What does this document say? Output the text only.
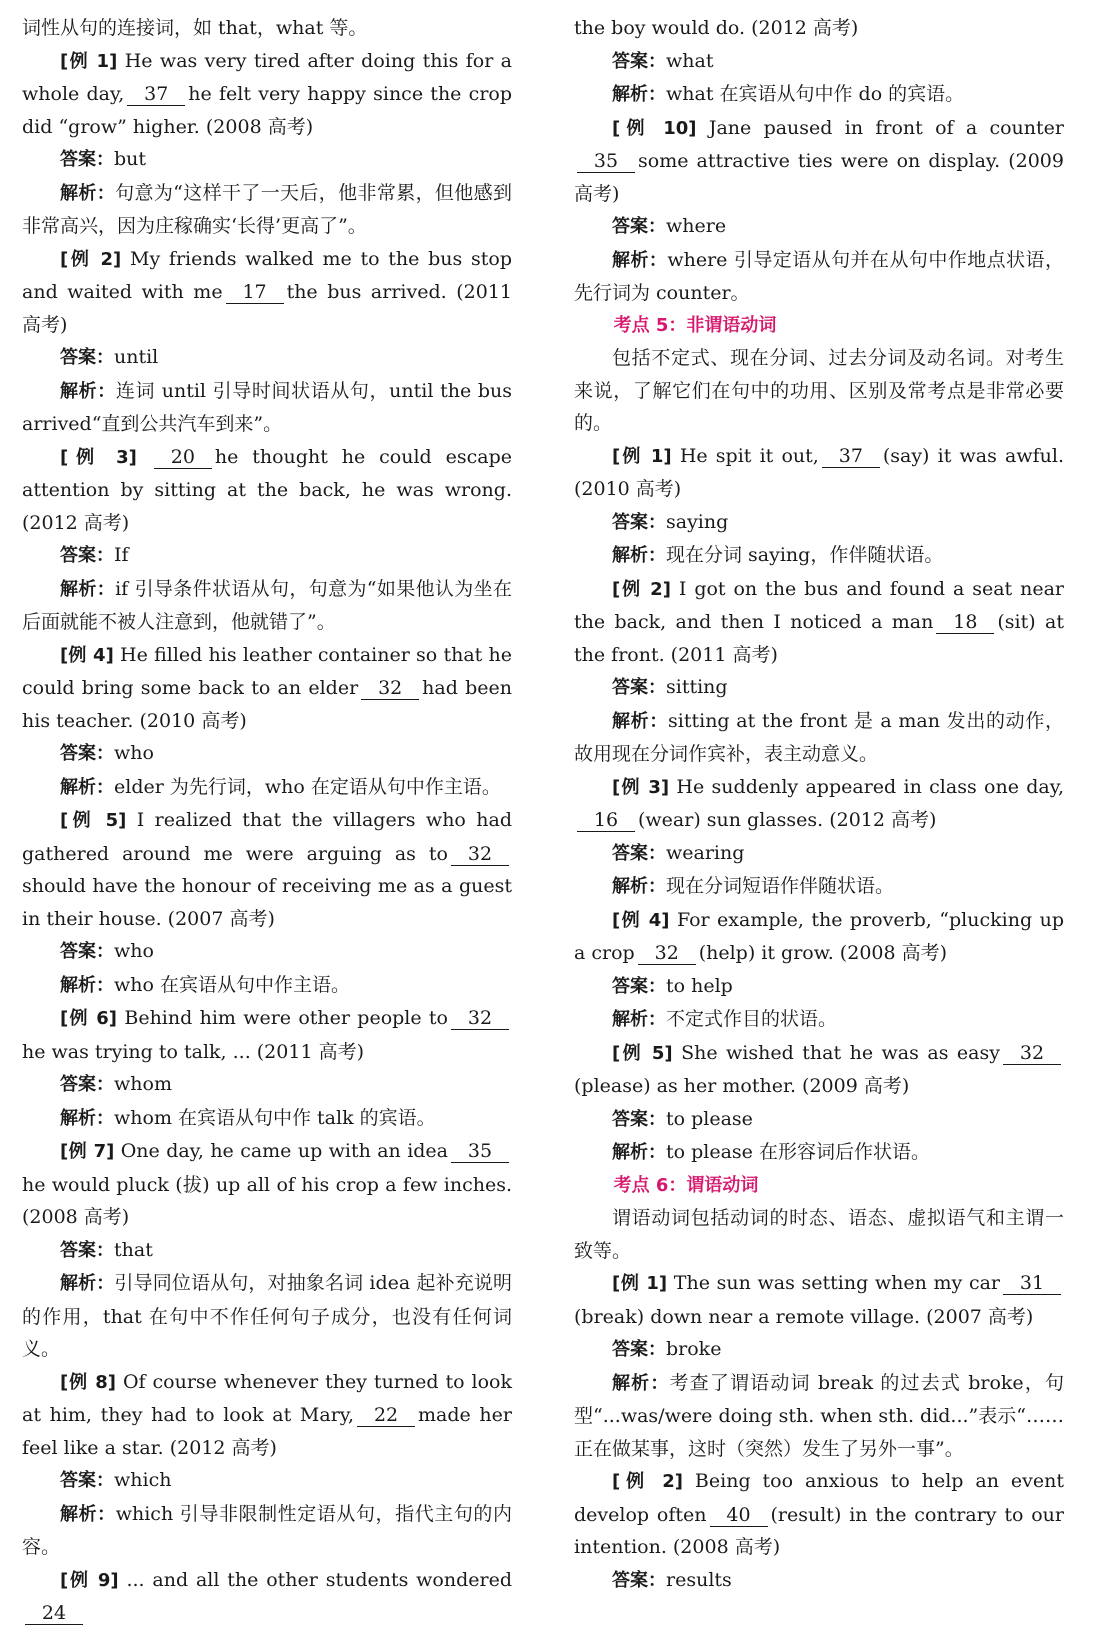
词性从句的连接词，如 that，what 等。

[例 1] He was very tired after doing this for a whole day, 37 he felt very happy since the crop did “grow” higher. (2008 高考)

答案：but

解析：句意为“这样干了一天后，他非常累，但他感到非常高兴，因为庄稼确实‘长得’更高了”。

[例 2] My friends walked me to the bus stop and waited with me 17 the bus arrived. (2011 高考)

答案：until

解析：连词 until 引导时间状语从句，until the bus arrived“直到公共汽车到来”。

[例 3] 20 he thought he could escape attention by sitting at the back, he was wrong. (2012 高考)

答案：If

解析：if 引导条件状语从句，句意为“如果他认为坐在后面就能不被人注意到，他就错了”。

[例 4] He filled his leather container so that he could bring some back to an elder 32 had been his teacher. (2010 高考)

答案：who

解析：elder 为先行词，who 在定语从句中作主语。

[例 5] I realized that the villagers who had gathered around me were arguing as to 32should have the honour of receiving me as a guest in their house. (2007 高考)

答案：who

解析：who 在宾语从句中作主语。

[例 6] Behind him were other people to 32he was trying to talk, ... (2011 高考)

答案：whom

解析：whom 在宾语从句中作 talk 的宾语。

[例 7] One day, he came up with an idea 35he would pluck (拔) up all of his crop a few inches. (2008 高考)

答案：that

解析：引导同位语从句，对抽象名词 idea 起补充说明的作用，that 在句中不作任何句子成分，也没有任何词义。

[例 8] Of course whenever they turned to look at him, they had to look at Mary, 22 made her feel like a star. (2012 高考)

答案：which

解析：which 引导非限制性定语从句，指代主句的内容。

[例 9] ... and all the other students wondered24

the boy would do. (2012 高考)

答案：what

解析：what 在宾语从句中作 do 的宾语。

[例 10] Jane paused in front of a counter35 some attractive ties were on display. (2009 高考)

答案：where

解析：where 引导定语从句并在从句中作地点状语，先行词为 counter。

考点 5：非谓语动词

包括不定式、现在分词、过去分词及动名词。对考生来说，了解它们在句中的功用、区别及常考点是非常必要的。

[例 1] He spit it out, 37 (say) it was awful. (2010 高考)

答案：saying

解析：现在分词 saying，作伴随状语。

[例 2] I got on the bus and found a seat near the back, and then I noticed a man 18 (sit) at the front. (2011 高考)

答案：sitting

解析：sitting at the front 是 a man 发出的动作，故用现在分词作宾补，表主动意义。

[例 3] He suddenly appeared in class one day,16 (wear) sun glasses. (2012 高考)

答案：wearing

解析：现在分词短语作伴随状语。

[例 4] For example, the proverb, “plucking up a crop 32 (help) it grow. (2008 高考)

答案：to help

解析：不定式作目的状语。

[例 5] She wished that he was as easy 32(please) as her mother. (2009 高考)

答案：to please

解析：to please 在形容词后作状语。

考点 6：谓语动词

谓语动词包括动词的时态、语态、虚拟语气和主谓一致等。

[例 1] The sun was setting when my car 31(break) down near a remote village. (2007 高考)

答案：broke

解析：考查了谓语动词 break 的过去式 broke，句型“...was/were doing sth. when sth. did...”表示“……正在做某事，这时（突然）发生了另外一事”。

[例 2] Being too anxious to help an event develop often 40 (result) in the contrary to our intention. (2008 高考)

答案：results
